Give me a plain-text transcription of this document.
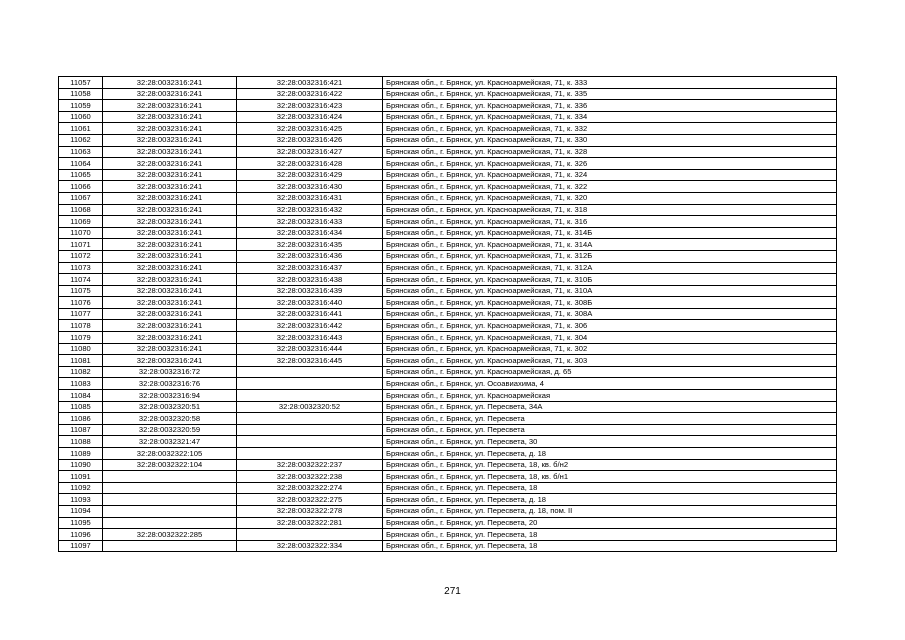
11057	32:28:0032316:241	32:28:0032316:421	Брянская обл., г. Брянск, ул. Красноармейская, 71, к. 333
11058	32:28:0032316:241	32:28:0032316:422	Брянская обл., г. Брянск, ул. Красноармейская, 71, к. 335
11059	32:28:0032316:241	32:28:0032316:423	Брянская обл., г. Брянск, ул. Красноармейская, 71, к. 336
11060	32:28:0032316:241	32:28:0032316:424	Брянская обл., г. Брянск, ул. Красноармейская, 71, к. 334
11061	32:28:0032316:241	32:28:0032316:425	Брянская обл., г. Брянск, ул. Красноармейская, 71, к. 332
11062	32:28:0032316:241	32:28:0032316:426	Брянская обл., г. Брянск, ул. Красноармейская, 71, к. 330
11063	32:28:0032316:241	32:28:0032316:427	Брянская обл., г. Брянск, ул. Красноармейская, 71, к. 328
11064	32:28:0032316:241	32:28:0032316:428	Брянская обл., г. Брянск, ул. Красноармейская, 71, к. 326
11065	32:28:0032316:241	32:28:0032316:429	Брянская обл., г. Брянск, ул. Красноармейская, 71, к. 324
11066	32:28:0032316:241	32:28:0032316:430	Брянская обл., г. Брянск, ул. Красноармейская, 71, к. 322
11067	32:28:0032316:241	32:28:0032316:431	Брянская обл., г. Брянск, ул. Красноармейская, 71, к. 320
11068	32:28:0032316:241	32:28:0032316:432	Брянская обл., г. Брянск, ул. Красноармейская, 71, к. 318
11069	32:28:0032316:241	32:28:0032316:433	Брянская обл., г. Брянск, ул. Красноармейская, 71, к. 316
11070	32:28:0032316:241	32:28:0032316:434	Брянская обл., г. Брянск, ул. Красноармейская, 71, к. 314Б
11071	32:28:0032316:241	32:28:0032316:435	Брянская обл., г. Брянск, ул. Красноармейская, 71, к. 314А
11072	32:28:0032316:241	32:28:0032316:436	Брянская обл., г. Брянск, ул. Красноармейская, 71, к. 312Б
11073	32:28:0032316:241	32:28:0032316:437	Брянская обл., г. Брянск, ул. Красноармейская, 71, к. 312А
11074	32:28:0032316:241	32:28:0032316:438	Брянская обл., г. Брянск, ул. Красноармейская, 71, к. 310Б
11075	32:28:0032316:241	32:28:0032316:439	Брянская обл., г. Брянск, ул. Красноармейская, 71, к. 310А
11076	32:28:0032316:241	32:28:0032316:440	Брянская обл., г. Брянск, ул. Красноармейская, 71, к. 308Б
11077	32:28:0032316:241	32:28:0032316:441	Брянская обл., г. Брянск, ул. Красноармейская, 71, к. 308А
11078	32:28:0032316:241	32:28:0032316:442	Брянская обл., г. Брянск, ул. Красноармейская, 71, к. 306
11079	32:28:0032316:241	32:28:0032316:443	Брянская обл., г. Брянск, ул. Красноармейская, 71, к. 304
11080	32:28:0032316:241	32:28:0032316:444	Брянская обл., г. Брянск, ул. Красноармейская, 71, к. 302
11081	32:28:0032316:241	32:28:0032316:445	Брянская обл., г. Брянск, ул. Красноармейская, 71, к. 303
11082	32:28:0032316:72		Брянская обл., г. Брянск, ул. Красноармейская, д. 65
11083	32:28:0032316:76		Брянская обл., г. Брянск, ул. Осоавиахима, 4
11084	32:28:0032316:94		Брянская обл., г. Брянск, ул. Красноармейская
11085	32:28:0032320:51	32:28:0032320:52	Брянская обл., г. Брянск, ул. Пересвета, 34А
11086	32:28:0032320:58		Брянская обл., г. Брянск, ул. Пересвета
11087	32:28:0032320:59		Брянская обл., г. Брянск, ул. Пересвета
11088	32:28:0032321:47		Брянская обл., г. Брянск, ул. Пересвета, 30
11089	32:28:0032322:105		Брянская обл., г. Брянск, ул. Пересвета, д. 18
11090	32:28:0032322:104	32:28:0032322:237	Брянская обл., г. Брянск, ул. Пересвета, 18, кв. б/н2
11091		32:28:0032322:238	Брянская обл., г. Брянск, ул. Пересвета, 18, кв. б/н1
11092		32:28:0032322:274	Брянская обл., г. Брянск, ул. Пересвета, 18
11093		32:28:0032322:275	Брянская обл., г. Брянск, ул. Пересвета, д. 18
11094		32:28:0032322:278	Брянская обл., г. Брянск, ул. Пересвета, д. 18, пом. II
11095		32:28:0032322:281	Брянская обл., г. Брянск, ул. Пересвета, 20
11096	32:28:0032322:285		Брянская обл., г. Брянск, ул. Пересвета, 18
11097		32:28:0032322:334	Брянская обл., г. Брянск, ул. Пересвета, 18
271
